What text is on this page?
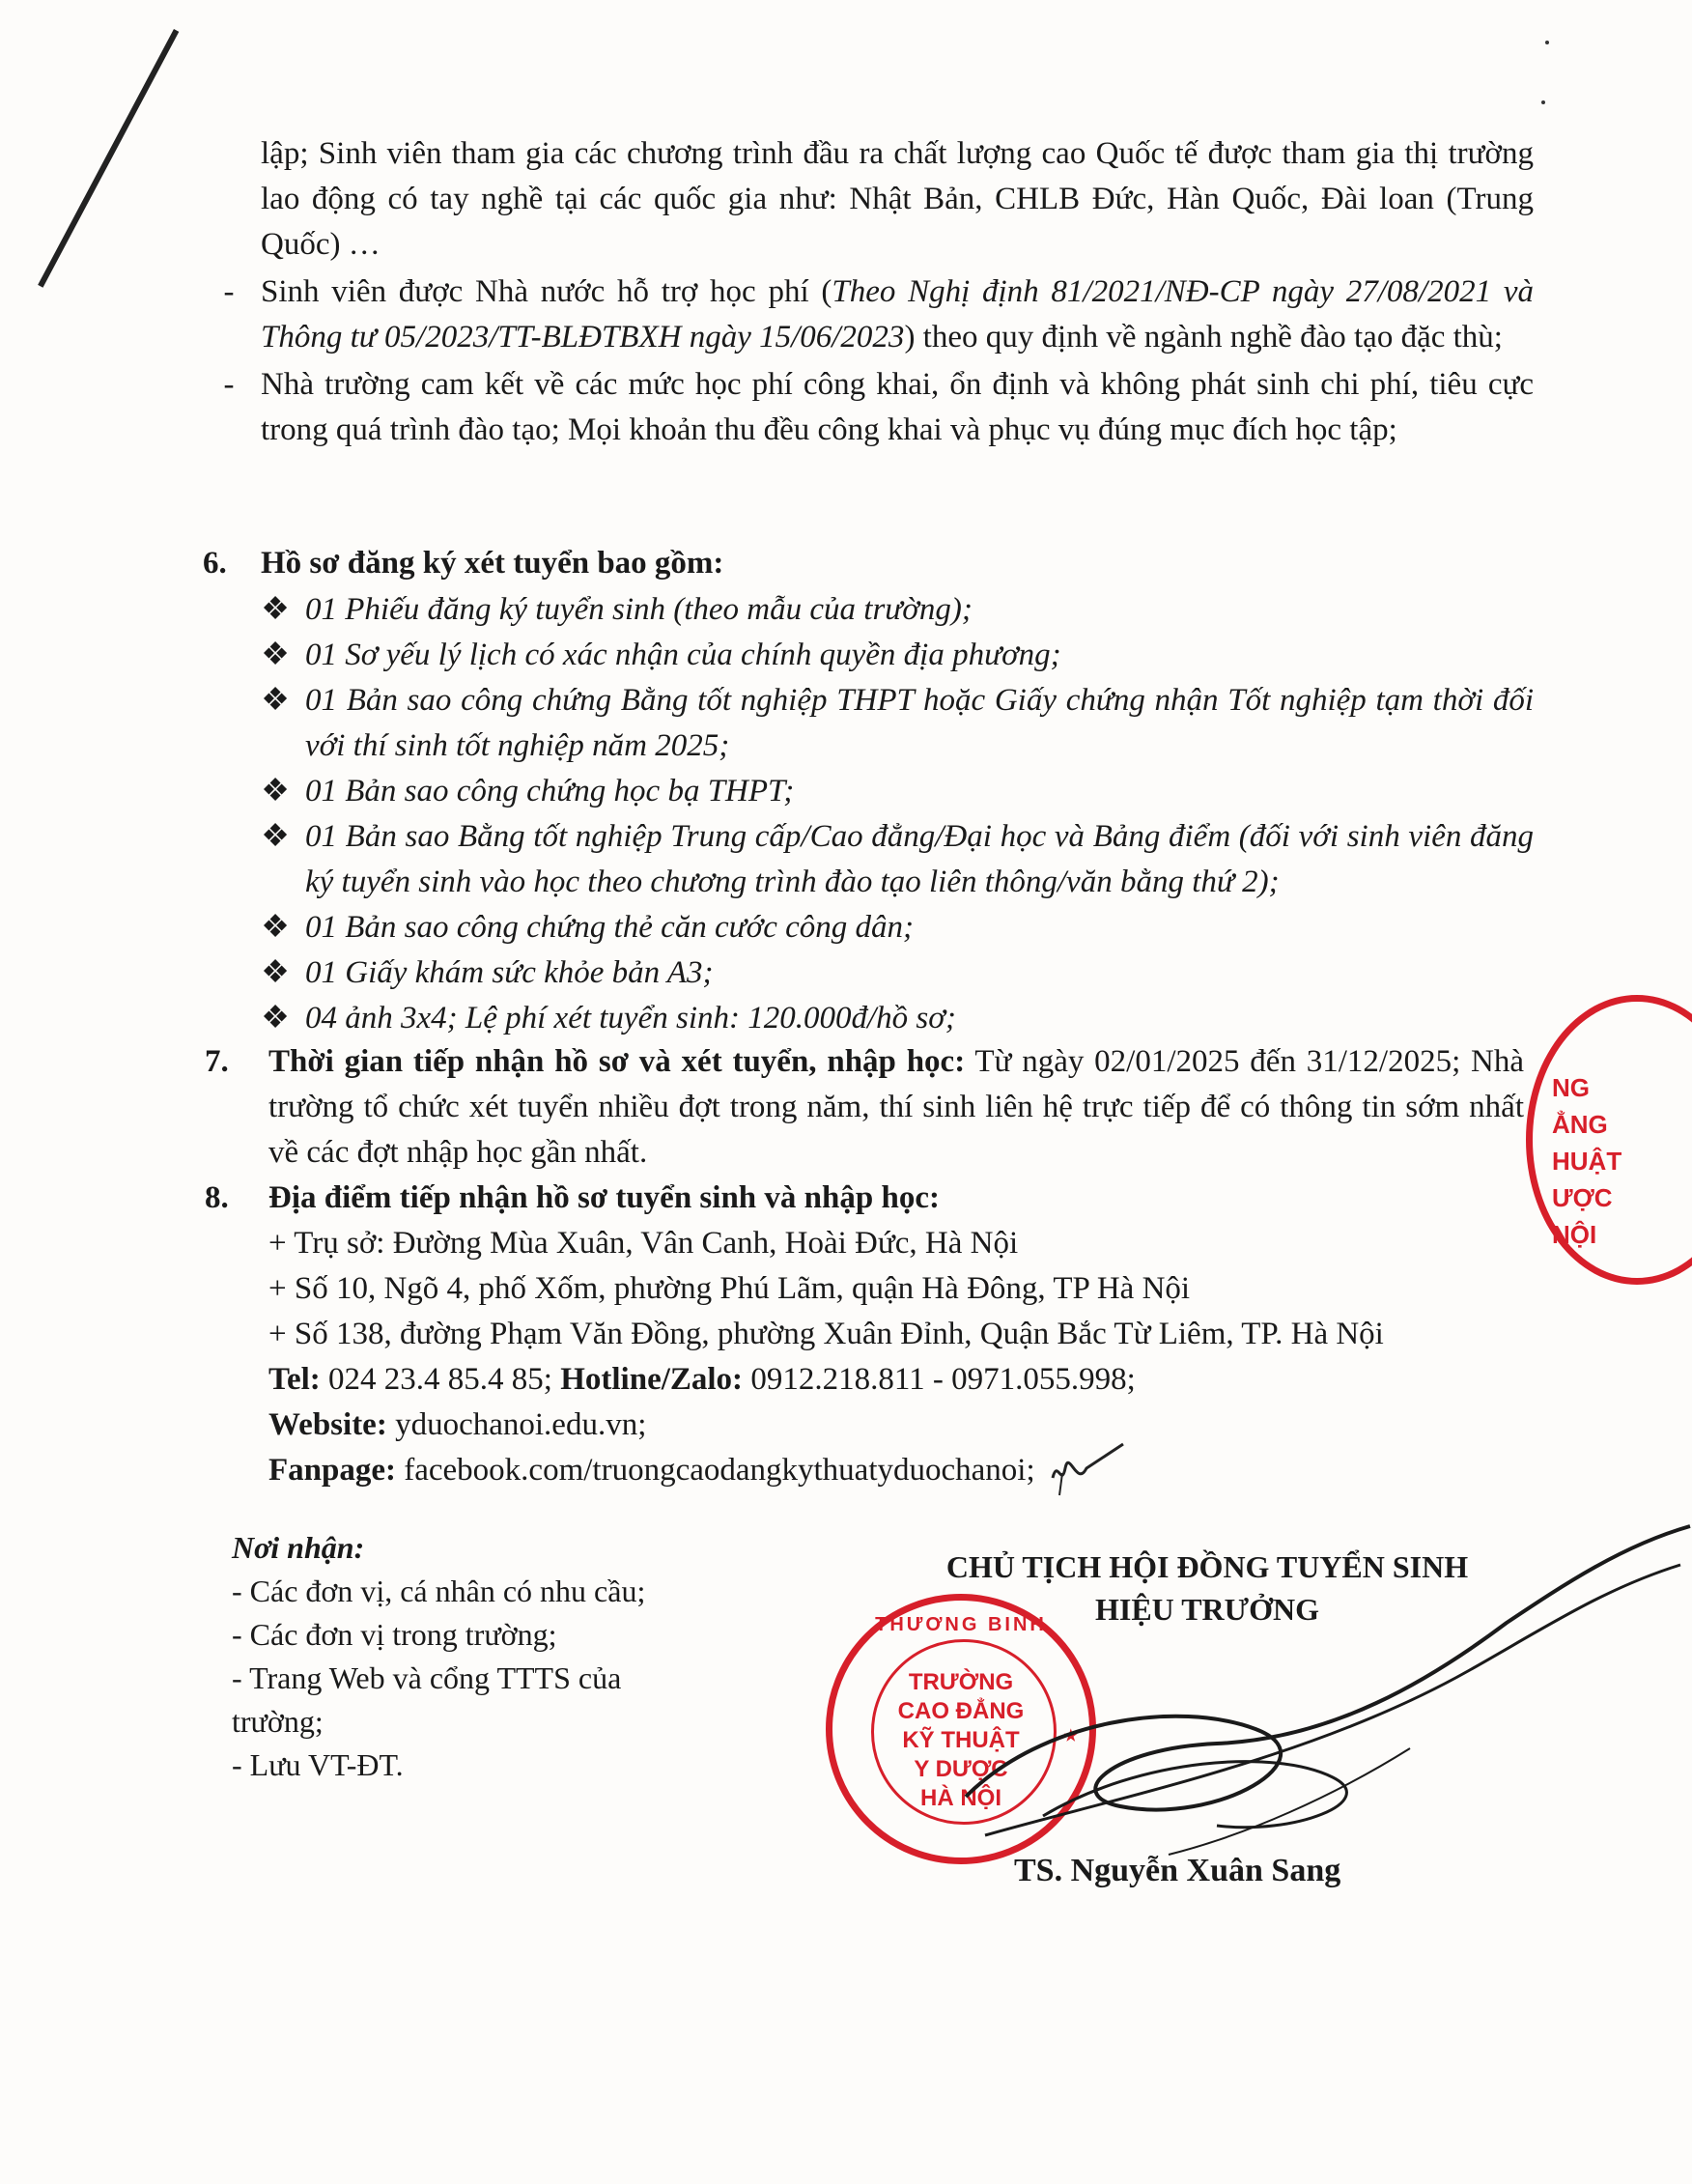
lập; Sinh viên tham gia các chương trình đầu ra chất lượng cao Quốc tế được tham gia thị trường lao động có tay nghề tại các quốc gia như: Nhật Bản, CHLB Đức, Hàn Quốc, Đài loan (Trung Quốc) …

- Sinh viên được Nhà nước hỗ trợ học phí (Theo Nghị định 81/2021/NĐ-CP ngày 27/08/2021 và Thông tư 05/2023/TT-BLĐTBXH ngày 15/06/2023) theo quy định về ngành nghề đào tạo đặc thù;

- Nhà trường cam kết về các mức học phí công khai, ổn định và không phát sinh chi phí, tiêu cực trong quá trình đào tạo; Mọi khoản thu đều công khai và phục vụ đúng mục đích học tập;

6. Hồ sơ đăng ký xét tuyển bao gồm:
❖ 01 Phiếu đăng ký tuyển sinh (theo mẫu của trường);
❖ 01 Sơ yếu lý lịch có xác nhận của chính quyền địa phương;
❖ 01 Bản sao công chứng Bằng tốt nghiệp THPT hoặc Giấy chứng nhận Tốt nghiệp tạm thời đối với thí sinh tốt nghiệp năm 2025;
❖ 01 Bản sao công chứng học bạ THPT;
❖ 01 Bản sao Bằng tốt nghiệp Trung cấp/Cao đẳng/Đại học và Bảng điểm (đối với sinh viên đăng ký tuyển sinh vào học theo chương trình đào tạo liên thông/văn bằng thứ 2);
❖ 01 Bản sao công chứng thẻ căn cước công dân;
❖ 01 Giấy khám sức khỏe bản A3;
❖ 04 ảnh 3x4; Lệ phí xét tuyển sinh: 120.000đ/hồ sơ;
7. Thời gian tiếp nhận hồ sơ và xét tuyển, nhập học: Từ ngày 02/01/2025 đến 31/12/2025; Nhà trường tổ chức xét tuyển nhiều đợt trong năm, thí sinh liên hệ trực tiếp để có thông tin sớm nhất về các đợt nhập học gần nhất.
8. Địa điểm tiếp nhận hồ sơ tuyển sinh và nhập học:
+ Trụ sở: Đường Mùa Xuân, Vân Canh, Hoài Đức, Hà Nội
+ Số 10, Ngõ 4, phố Xốm, phường Phú Lãm, quận Hà Đông, TP Hà Nội
+ Số 138, đường Phạm Văn Đồng, phường Xuân Đỉnh, Quận Bắc Từ Liêm, TP. Hà Nội
Tel: 024 23.4 85.4 85; Hotline/Zalo: 0912.218.811 - 0971.055.998;
Website: yduochanoi.edu.vn;
Fanpage: facebook.com/truongcaodangkythuatyduochanoi;
Nơi nhận:
- Các đơn vị, cá nhân có nhu cầu;
- Các đơn vị trong trường;
- Trang Web và cổng TTTS của trường;
- Lưu VT-ĐT.
CHỦ TỊCH HỘI ĐỒNG TUYỂN SINH
HIỆU TRƯỞNG
THƯƠNG BINH
TRƯỜNG
CAO ĐẲNG
KỸ THUẬT
Y DƯỢC
HÀ NỘI
★
NG
ẲNG
HUẬT
ƯỢC
NỘI
TS. Nguyễn Xuân Sang
